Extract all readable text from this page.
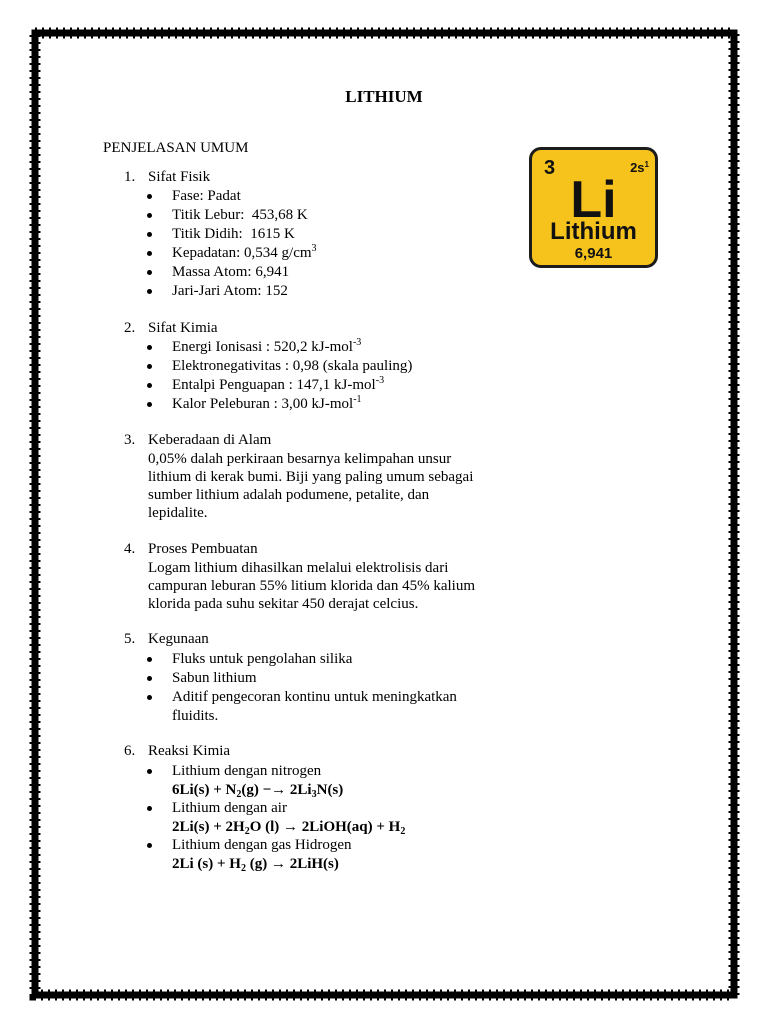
LITHIUM
PENJELASAN UMUM
3	$2s^1$
Li
Lithium
6,941
1. Sifat Fisik
Fase: Padat
Titik Lebur:  453,68 K
Titik Didih:  1615 K
Kepadatan: 0,534 $g/cm^3$
Massa Atom: 6,941
Jari-Jari Atom: 152
2. Sifat Kimia
Energi Ionisasi : 520,2 kJ-mol$^{-3}$
Elektronegativitas : 0,98 (skala pauling)
Entalpi Penguapan : 147,1 kJ-mol$^{-3}$
Kalor Peleburan : 3,00 kJ-mol$^{-1}$
3. Keberadaan di Alam
0,05% dalah perkiraan besarnya kelimpahan unsur
lithium di kerak bumi. Biji yang paling umum sebagai
sumber lithium adalah podumene, petalite, dan
lepidalite.
4. Proses Pembuatan
Logam lithium dihasilkan melalui elektrolisis dari
campuran leburan 55% litium klorida dan 45% kalium
klorida pada suhu sekitar 450 derajat celcius.
5. Kegunaan
Fluks untuk pengolahan silika
Sabun lithium
Aditif pengecoran kontinu untuk meningkatkan
fluidits.
6. Reaksi Kimia
Lithium dengan nitrogen
$6Li(s) + N_2(g) -\to 2Li_3N(s)$
Lithium dengan air
$2Li(s) + 2H_2O$ (l) → 2LiOH(aq) + $H_2$
Lithium dengan gas Hidrogen
2Li $(s) + H_2$ (g) → 2LiH(s)
